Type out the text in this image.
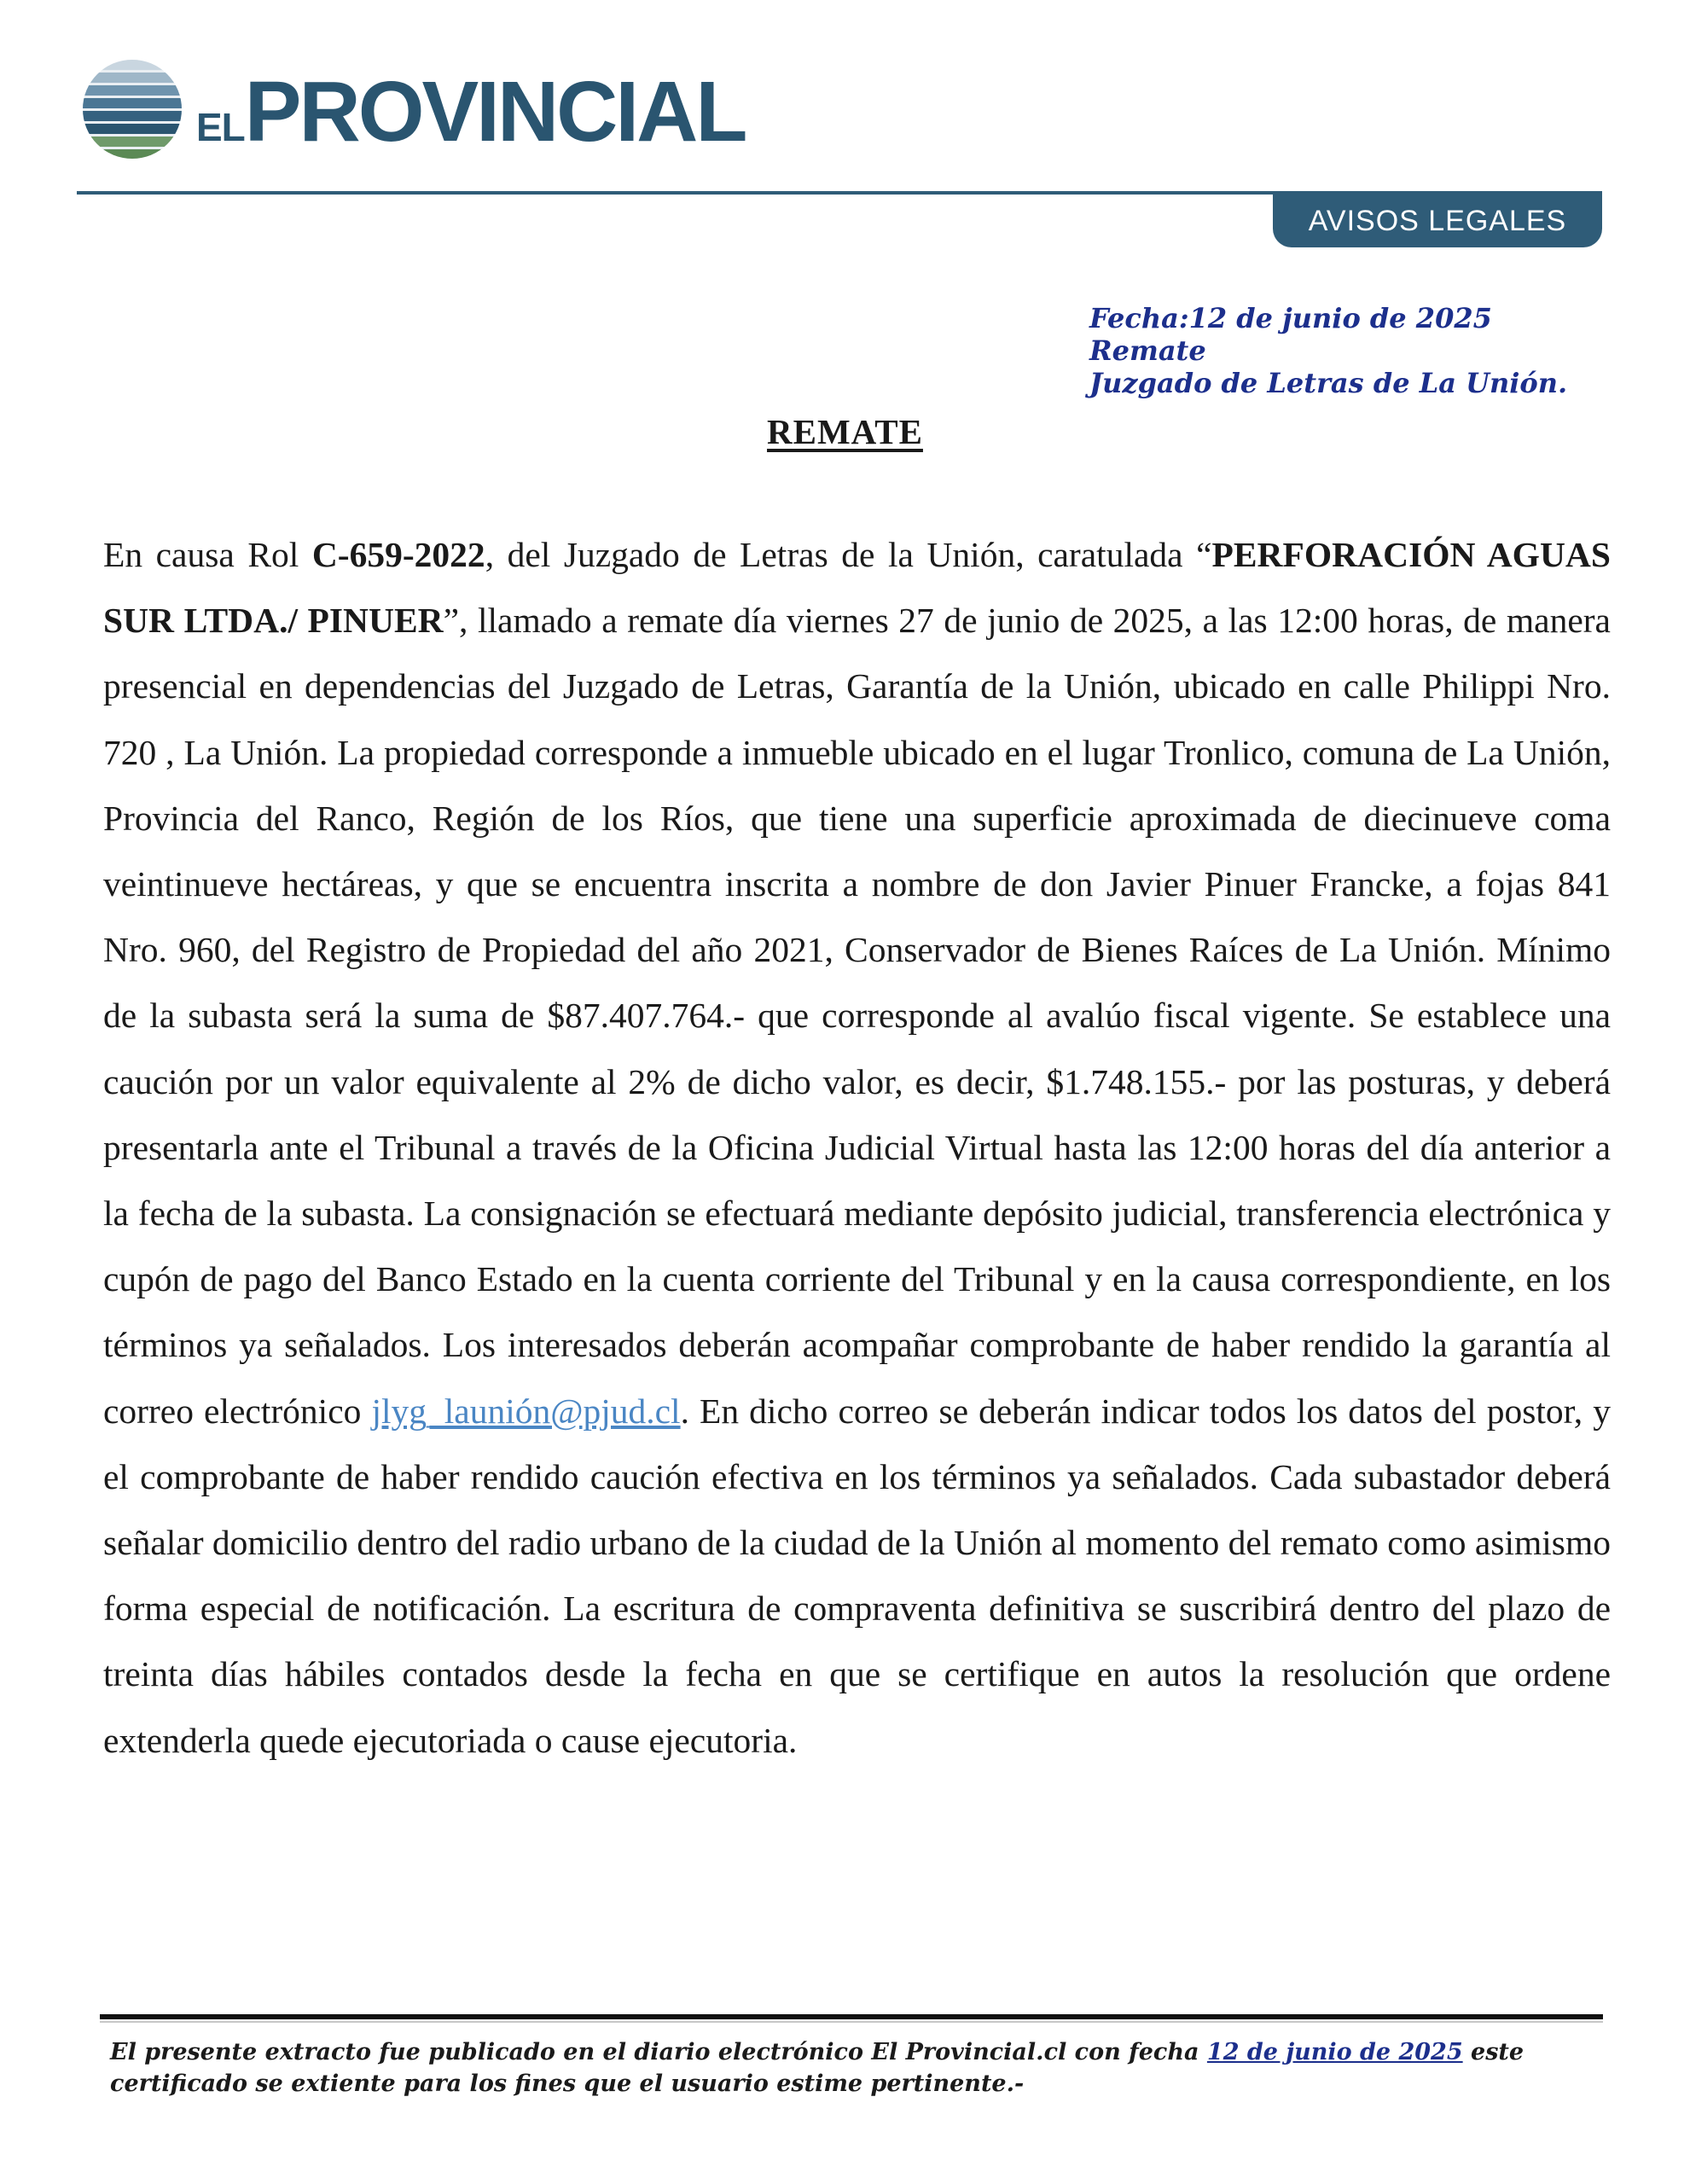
ELPROVINCIAL
AVISOS LEGALES
Fecha:12 de junio de 2025
Remate
Juzgado de Letras de La Unión.
REMATE
En causa Rol C-659-2022, del Juzgado de Letras de la Unión, caratulada “PERFORACIÓN AGUAS SUR LTDA./ PINUER”, llamado a remate día viernes 27 de junio de 2025, a las 12:00 horas, de manera presencial en dependencias del Juzgado de Letras, Garantía de la Unión, ubicado en calle Philippi Nro. 720 , La Unión. La propiedad corresponde a inmueble ubicado en el lugar Tronlico, comuna de La Unión, Provincia del Ranco, Región de los Ríos, que tiene una superficie aproximada de diecinueve coma veintinueve hectáreas, y que se encuentra inscrita a nombre de don Javier Pinuer Francke, a fojas 841 Nro. 960, del Registro de Propiedad del año 2021, Conservador de Bienes Raíces de La Unión. Mínimo de la subasta será la suma de $87.407.764.- que corresponde al avalúo fiscal vigente. Se establece una caución por un valor equivalente al 2% de dicho valor, es decir, $1.748.155.- por las posturas, y deberá presentarla ante el Tribunal a través de la Oficina Judicial Virtual hasta las 12:00 horas del día anterior a la fecha de la subasta. La consignación se efectuará mediante depósito judicial, transferencia electrónica y cupón de pago del Banco Estado en la cuenta corriente del Tribunal y en la causa correspondiente, en los términos ya señalados. Los interesados deberán acompañar comprobante de haber rendido la garantía al correo electrónico jlyg_launión@pjud.cl. En dicho correo se deberán indicar todos los datos del postor, y el comprobante de haber rendido caución efectiva en los términos ya señalados. Cada subastador deberá señalar domicilio dentro del radio urbano de la ciudad de la Unión al momento del remato como asimismo forma especial de notificación. La escritura de compraventa definitiva se suscribirá dentro del plazo de treinta días hábiles contados desde la fecha en que se certifique en autos la resolución que ordene extenderla quede ejecutoriada o cause ejecutoria.
El presente extracto fue publicado en el diario electrónico El Provincial.cl con fecha 12 de junio de 2025 este certificado se extiente para los fines que el usuario estime pertinente.-
